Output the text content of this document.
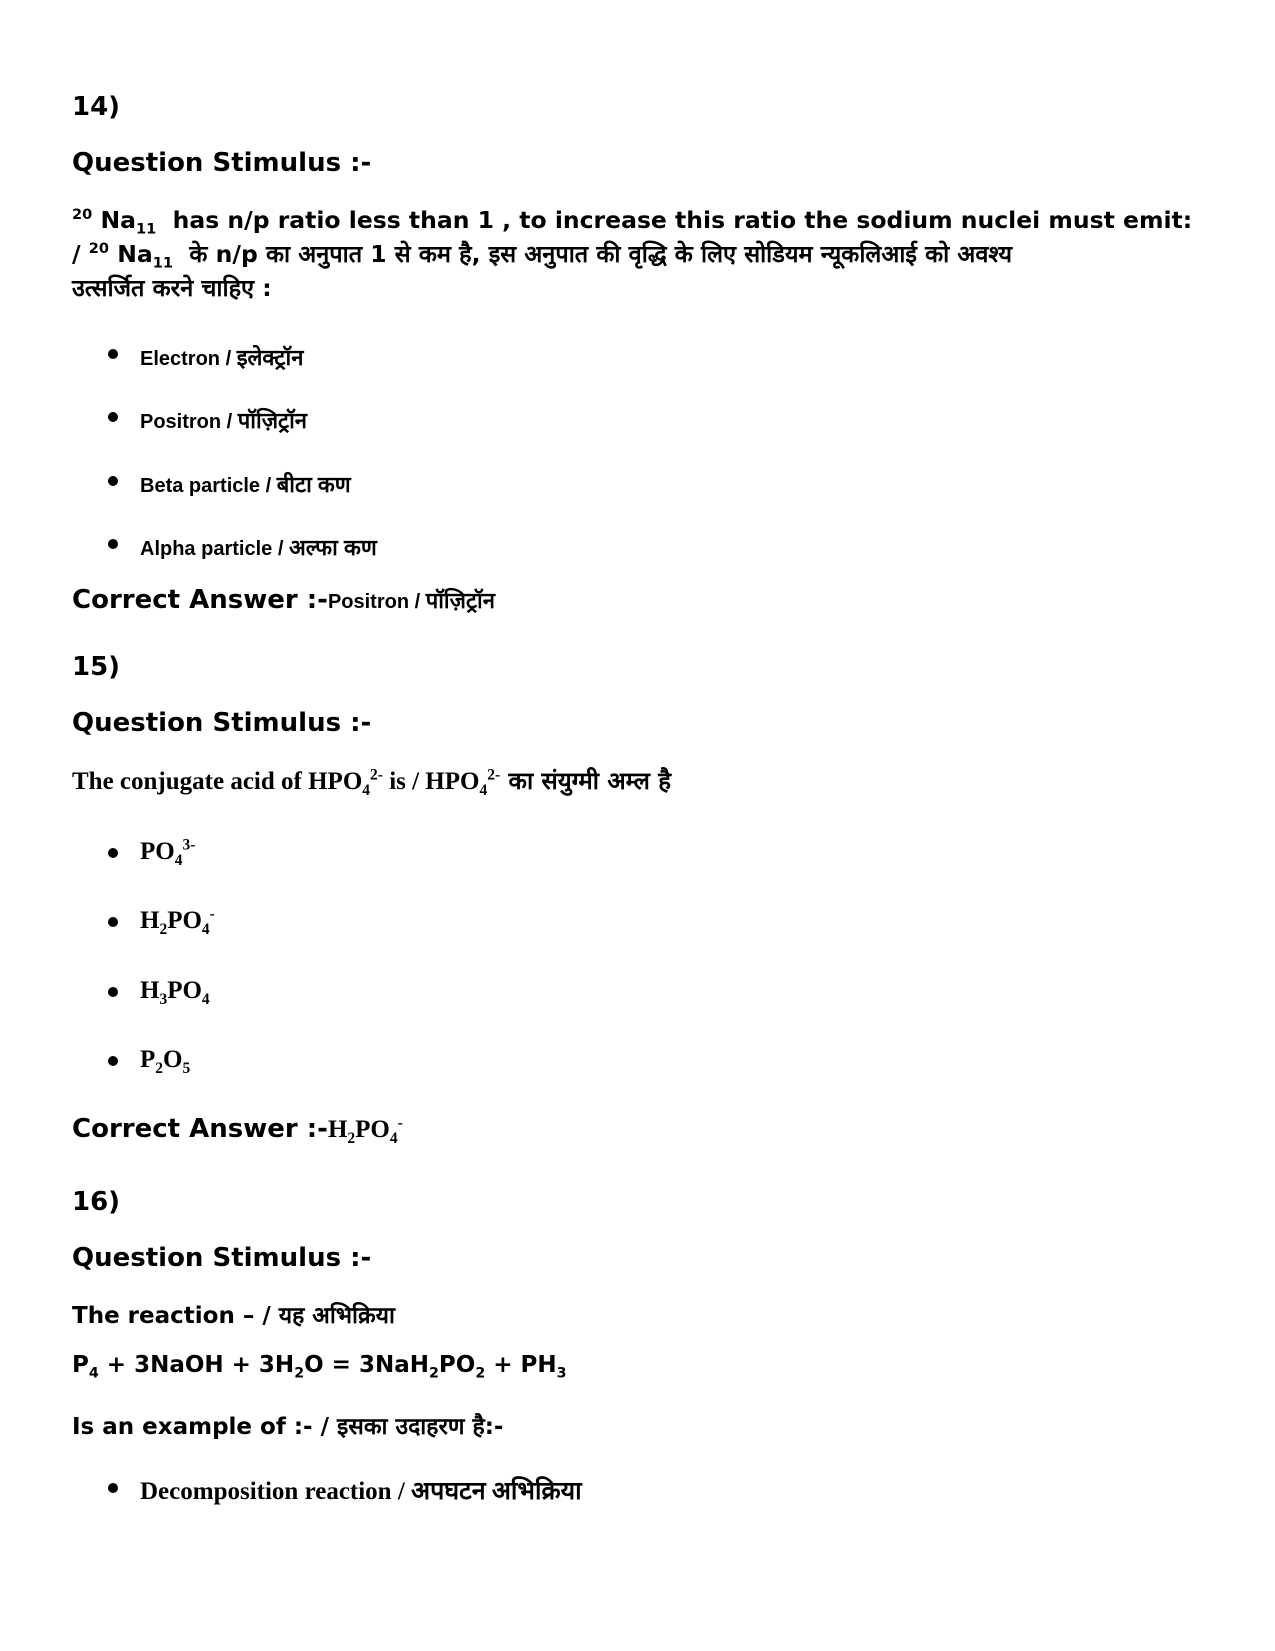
14)
Question Stimulus :-
$^{20}$ $Na_{11}$ has n/p ratio less than 1 , to increase this ratio the sodium nuclei must emit:
/ $^{20}$ $Na_{11}$ के n/p का अनुपात 1 से कम है, इस अनुपात की वृद्धि के लिए सोडियम न्यूकलिआई को अवश्य
उत्सर्जित करने चाहिए :
Electron / इलेक्ट्रॉन
Positron / पॉज़िट्रॉन
Beta particle / बीटा कण
Alpha particle / अल्फा कण
Correct Answer :-Positron / पॉज़िट्रॉन
15)
Question Stimulus :-
The conjugate acid of $HPO_4^{2-}$ is / $HPO_4^{2-}$ का संयुग्मी अम्ल है
$PO_4^{3-}$
$H_2PO_4^-$
$H_3PO_4$
$P_2O_5$
Correct Answer $:-H_2PO_4^-$
16)
Question Stimulus :-
The reaction – / यह अभिक्रिया
$P_4$ + 3NaOH + $3H_2O = 3NaH_2PO_2 + PH_3$
Is an example of :- / इसका उदाहरण है:-
Decomposition reaction / अपघटन अभिक्रिया
